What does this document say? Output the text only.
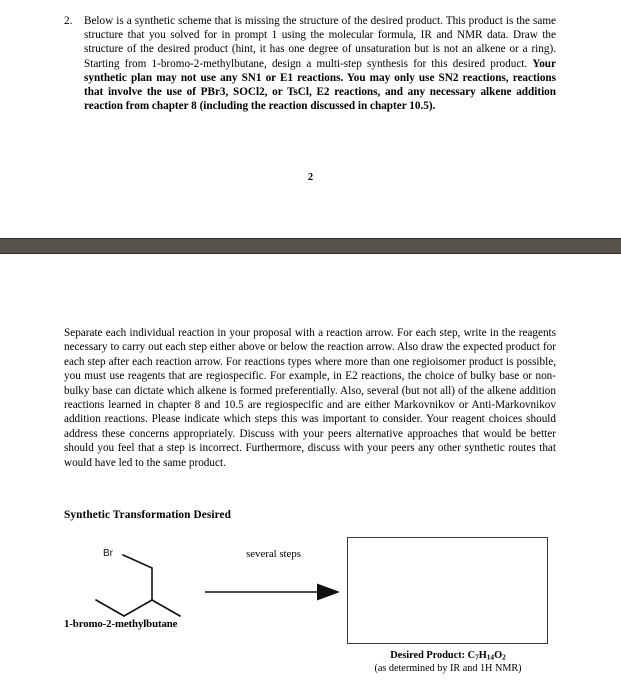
2.	Below is a synthetic scheme that is missing the structure of the desired product. This product is the same structure that you solved for in prompt 1 using the molecular formula, IR and NMR data. Draw the structure of the desired product (hint, it has one degree of unsaturation but is not an alkene or a ring). Starting from 1-bromo-2-methylbutane, design a multi-step synthesis for this desired product. Your synthetic plan may not use any SN1 or E1 reactions. You may only use SN2 reactions, reactions that involve the use of PBr3, SOCl2, or TsCl, E2 reactions, and any necessary alkene addition reaction from chapter 8 (including the reaction discussed in chapter 10.5).
2
Separate each individual reaction in your proposal with a reaction arrow. For each step, write in the reagents necessary to carry out each step either above or below the reaction arrow. Also draw the expected product for each step after each reaction arrow. For reactions types where more than one regioisomer product is possible, you must use reagents that are regiospecific. For example, in E2 reactions, the choice of bulky base or non-bulky base can dictate which alkene is formed preferentially. Also, several (but not all) of the alkene addition reactions learned in chapter 8 and 10.5 are regiospecific and are either Markovnikov or Anti-Markovnikov addition reactions. Please indicate which steps this was important to consider. Your reagent choices should address these concerns appropriately. Discuss with your peers alternative approaches that would be better should you feel that a step is incorrect. Furthermore, discuss with your peers any other synthetic routes that would have led to the same product.
Synthetic Transformation Desired
Br	several steps
1-bromo-2-methylbutane
Desired Product: $C_7H_{14}O_2$
(as determined by IR and 1H NMR)
